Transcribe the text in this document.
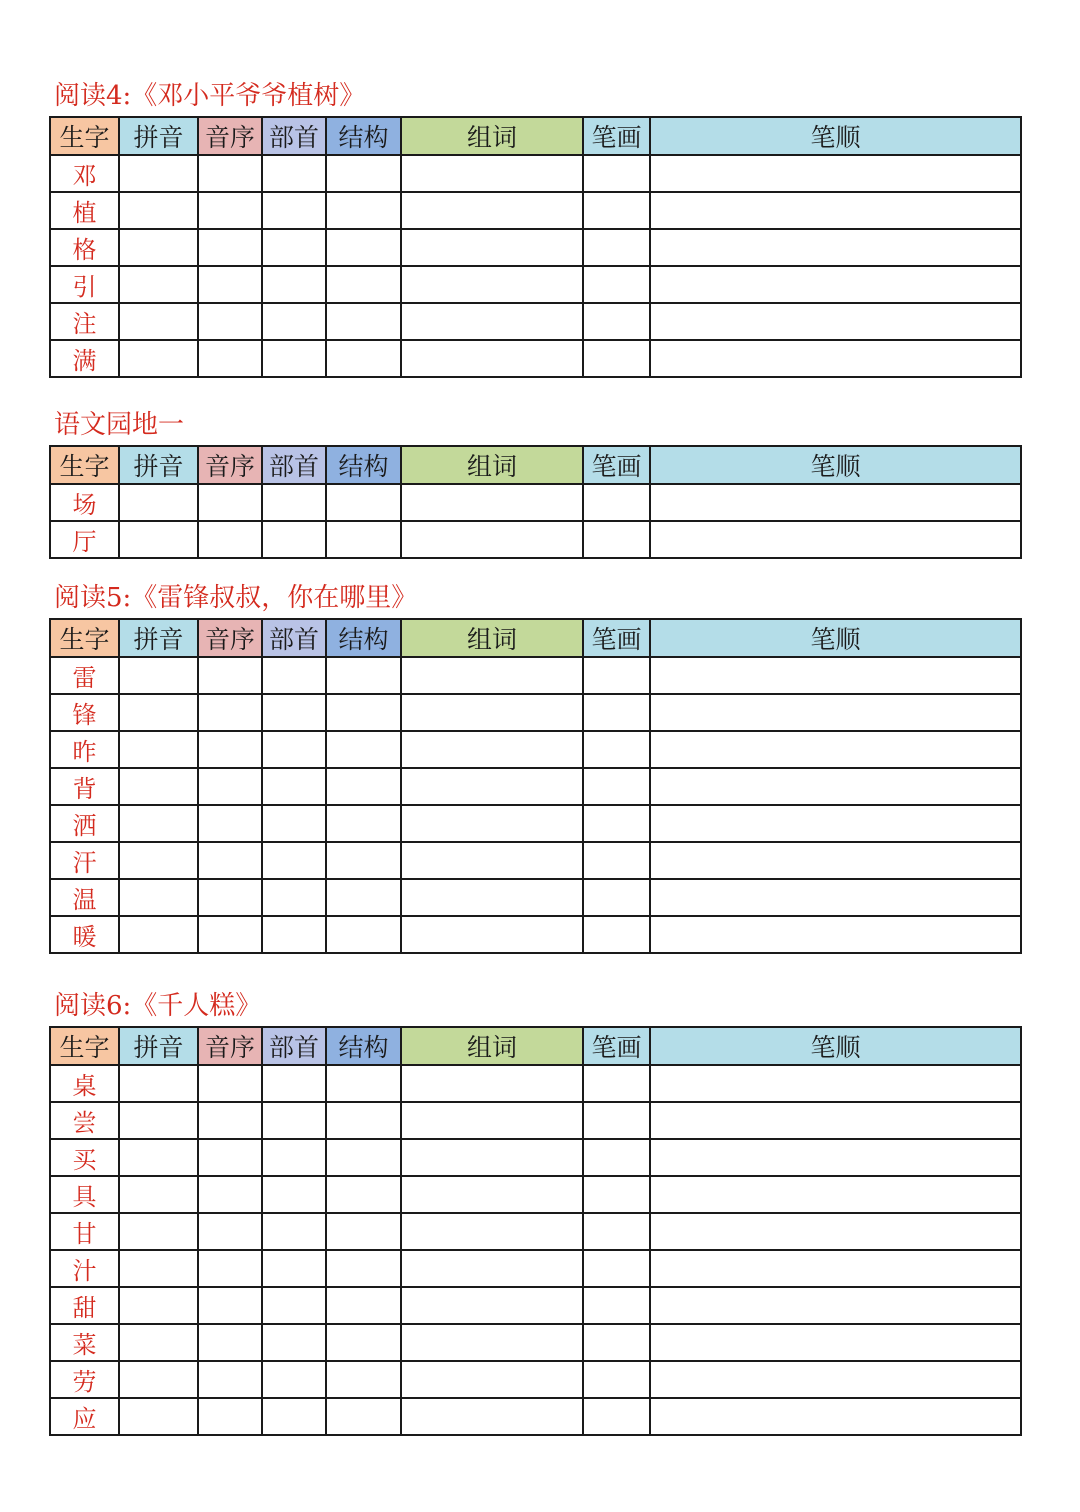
阅读4:《邓小平爷爷植树》
生字	拼音	音序	部首	结构	组词	笔画	笔顺
邓							
植							
格							
引							
注							
满							
语文园地一
生字	拼音	音序	部首	结构	组词	笔画	笔顺
场							
厅							
阅读5:《雷锋叔叔，你在哪里》
生字	拼音	音序	部首	结构	组词	笔画	笔顺
雷							
锋							
昨							
背							
洒							
汗							
温							
暖							
阅读6:《千人糕》
生字	拼音	音序	部首	结构	组词	笔画	笔顺
桌							
尝							
买							
具							
甘							
汁							
甜							
菜							
劳							
应							
